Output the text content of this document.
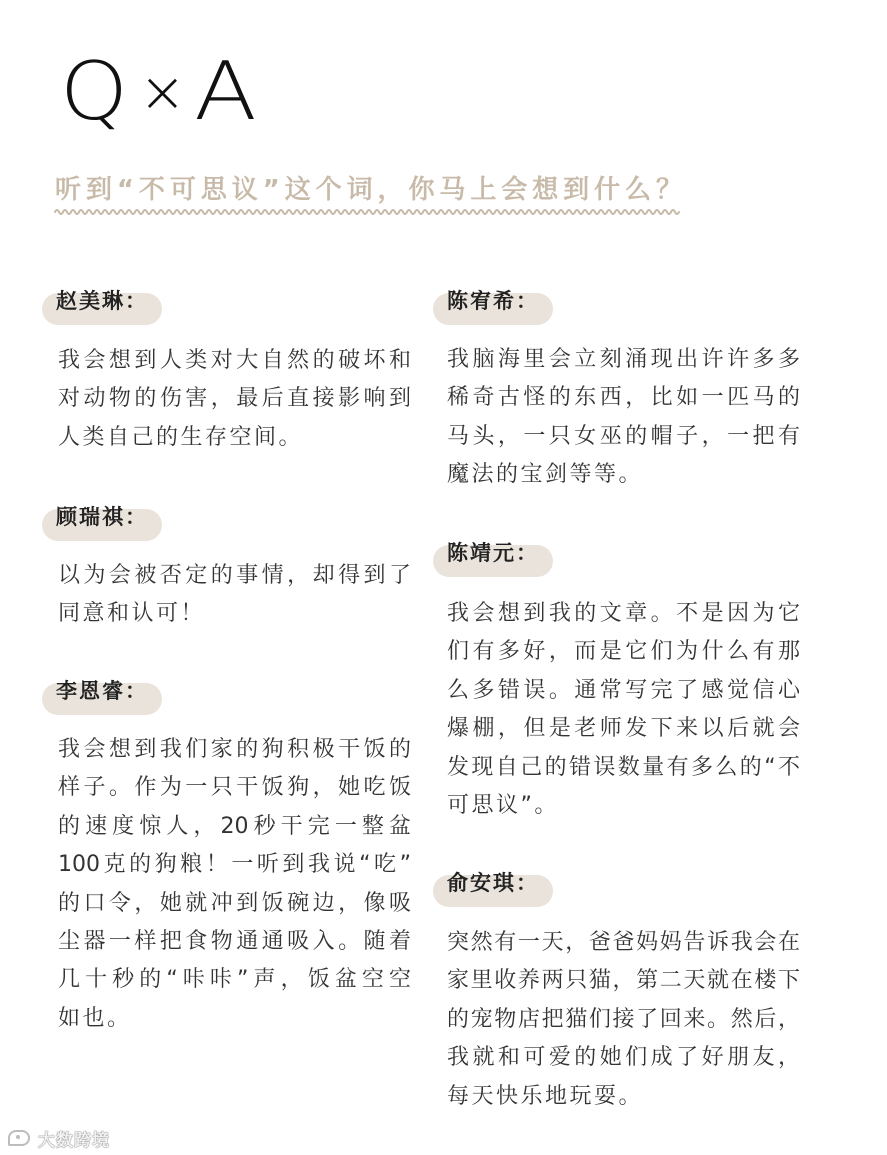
Q × A
听到“不可思议”这个词，你马上会想到什么？
赵美琳：
我会想到人类对大自然的破坏和
对动物的伤害，最后直接影响到
人类自己的生存空间。
顾瑞祺：
以为会被否定的事情，却得到了
同意和认可！
李恩睿：
我会想到我们家的狗积极干饭的
样子。作为一只干饭狗，她吃饭
的速度惊人，20秒干完一整盆
100克的狗粮！一听到我说“吃”
的口令，她就冲到饭碗边，像吸
尘器一样把食物通通吸入。随着
几十秒的“咔咔”声，饭盆空空
如也。
陈宥希：
我脑海里会立刻涌现出许许多多
稀奇古怪的东西，比如一匹马的
马头，一只女巫的帽子，一把有
魔法的宝剑等等。
陈靖元：
我会想到我的文章。不是因为它
们有多好，而是它们为什么有那
么多错误。通常写完了感觉信心
爆棚，但是老师发下来以后就会
发现自己的错误数量有多么的“不
可思议”。
俞安琪：
突然有一天，爸爸妈妈告诉我会在
家里收养两只猫，第二天就在楼下
的宠物店把猫们接了回来。然后，
我就和可爱的她们成了好朋友，
每天快乐地玩耍。
大数跨境
